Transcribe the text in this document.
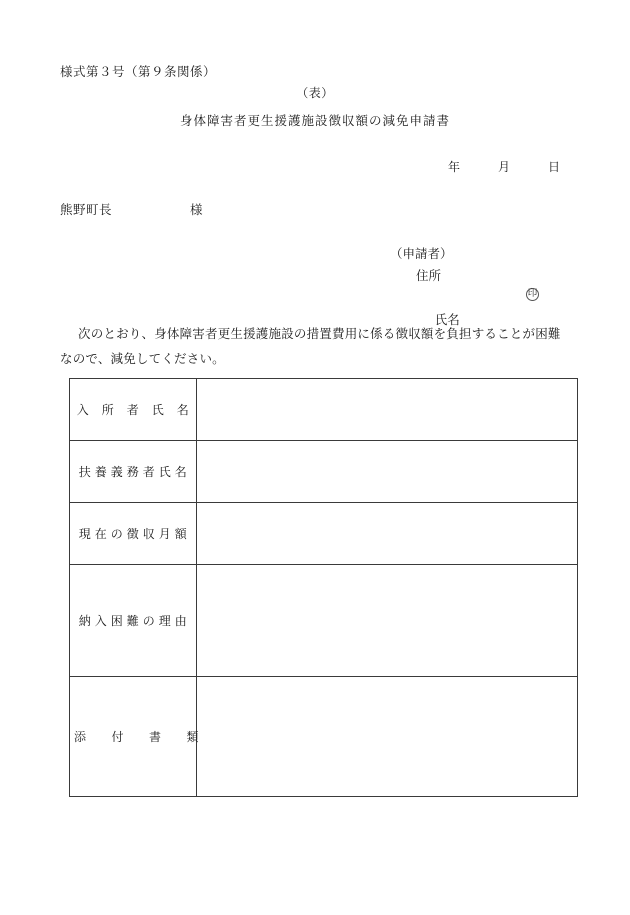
様式第３号（第９条関係）
（表）
身体障害者更生援護施設徴収額の減免申請書
年　　　月　　　日
熊野町長　　　　　　様
（申請者）
住所

氏名

印

次のとおり、身体障害者更生援護施設の措置費用に係る徴収額を負担することが困難なので、減免してください。
入　所　者　氏　名	
扶 養 義 務 者 氏 名	
現 在 の 徴 収 月 額	
納 入 困 難 の 理 由	
添　　付　　書　　類	
